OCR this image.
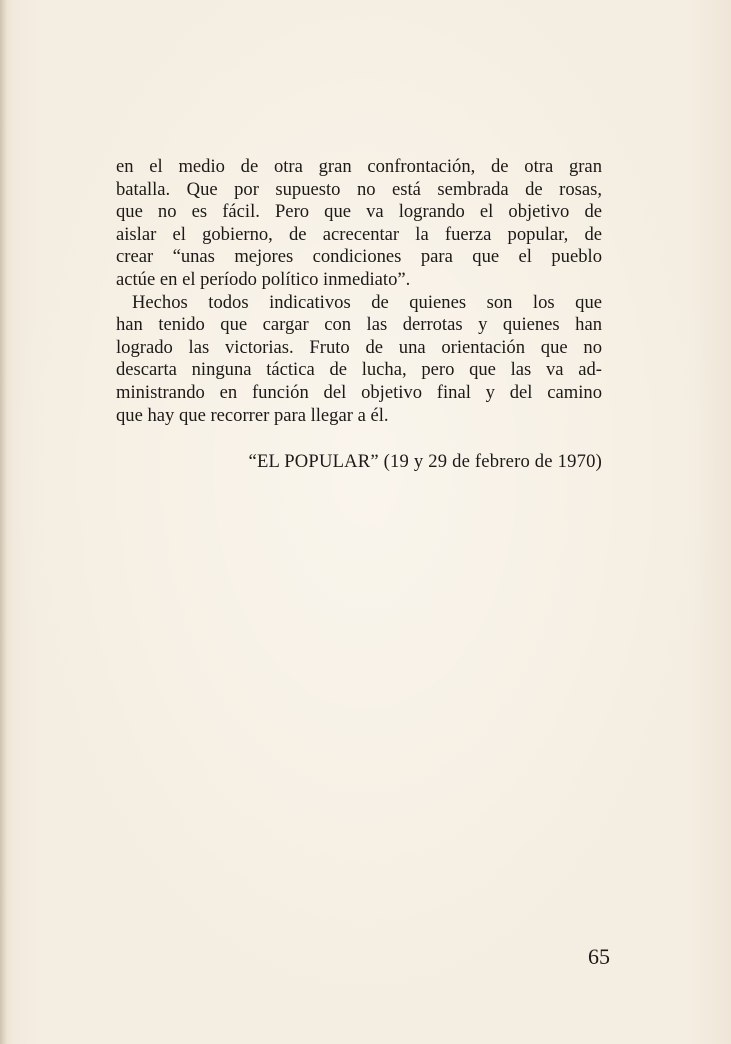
en el medio de otra gran confrontación, de otra gran

batalla. Que por supuesto no está sembrada de rosas,

que no es fácil. Pero que va logrando el objetivo de

aislar el gobierno, de acrecentar la fuerza popular, de

crear “unas mejores condiciones para que el pueblo

actúe en el período político inmediato”.

Hechos todos indicativos de quienes son los que

han tenido que cargar con las derrotas y quienes han

logrado las victorias. Fruto de una orientación que no

descarta ninguna táctica de lucha, pero que las va ad-

ministrando en función del objetivo final y del camino

que hay que recorrer para llegar a él.

“EL POPULAR” (19 y 29 de febrero de 1970)
65
